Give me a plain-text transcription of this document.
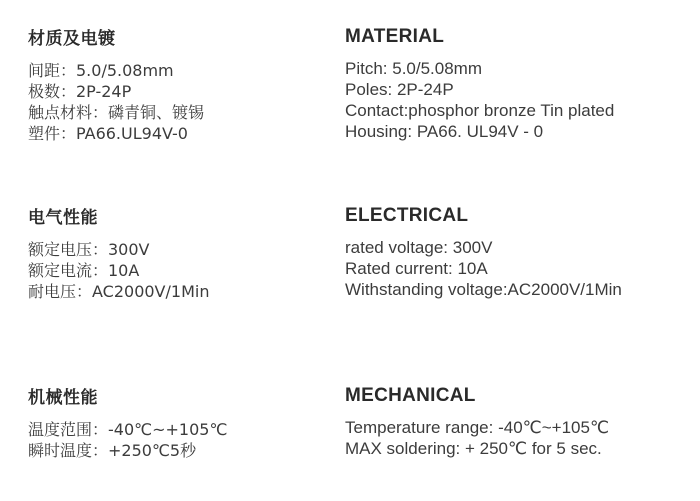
材质及电镀
间距：5.0/5.08mm
极数：2P-24P
触点材料：磷青铜、镀锡
塑件：PA66.UL94V-0
电气性能
额定电压：300V
额定电流：10A
耐电压：AC2000V/1Min
机械性能
温度范围：-40℃~+105℃
瞬时温度：+250℃5秒
MATERIAL
Pitch: 5.0/5.08mm
Poles: 2P-24P
Contact:phosphor bronze Tin plated
Housing: PA66. UL94V - 0
ELECTRICAL
rated voltage: 300V
Rated current: 10A
Withstanding voltage:AC2000V/1Min
MECHANICAL
Temperature range: -40℃~+105℃
MAX soldering: + 250℃ for 5 sec.
